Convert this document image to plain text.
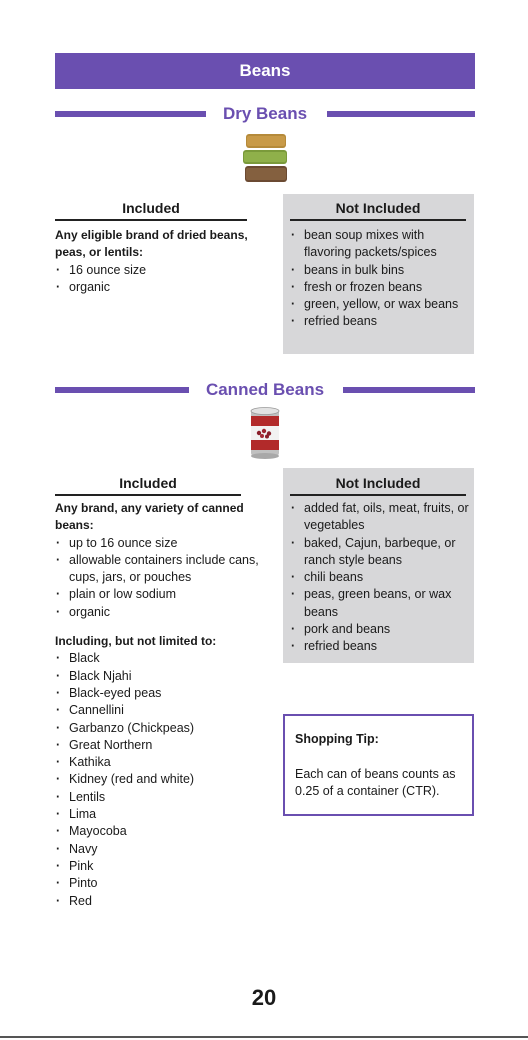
Beans
Dry Beans
Included
Any eligible brand of dried beans, peas, or lentils:
· 16 ounce size
· organic
Not Included
· bean soup mixes with flavoring packets/spices
· beans in bulk bins
· fresh or frozen beans
· green, yellow, or wax beans
· refried beans
Canned Beans
Included
Any brand, any variety of canned beans:
· up to 16 ounce size
· allowable containers include cans, cups, jars, or pouches
· plain or low sodium
· organic
Including, but not limited to:
· Black
· Black Njahi
· Black-eyed peas
· Cannellini
· Garbanzo (Chickpeas)
· Great Northern
· Kathika
· Kidney (red and white)
· Lentils
· Lima
· Mayocoba
· Navy
· Pink
· Pinto
· Red
Not Included
· added fat, oils, meat, fruits, or vegetables
· baked, Cajun, barbeque, or ranch style beans
· chili beans
· peas, green beans, or wax beans
· pork and beans
· refried beans
Shopping Tip:
Each can of beans counts as 0.25 of a container (CTR).
20
